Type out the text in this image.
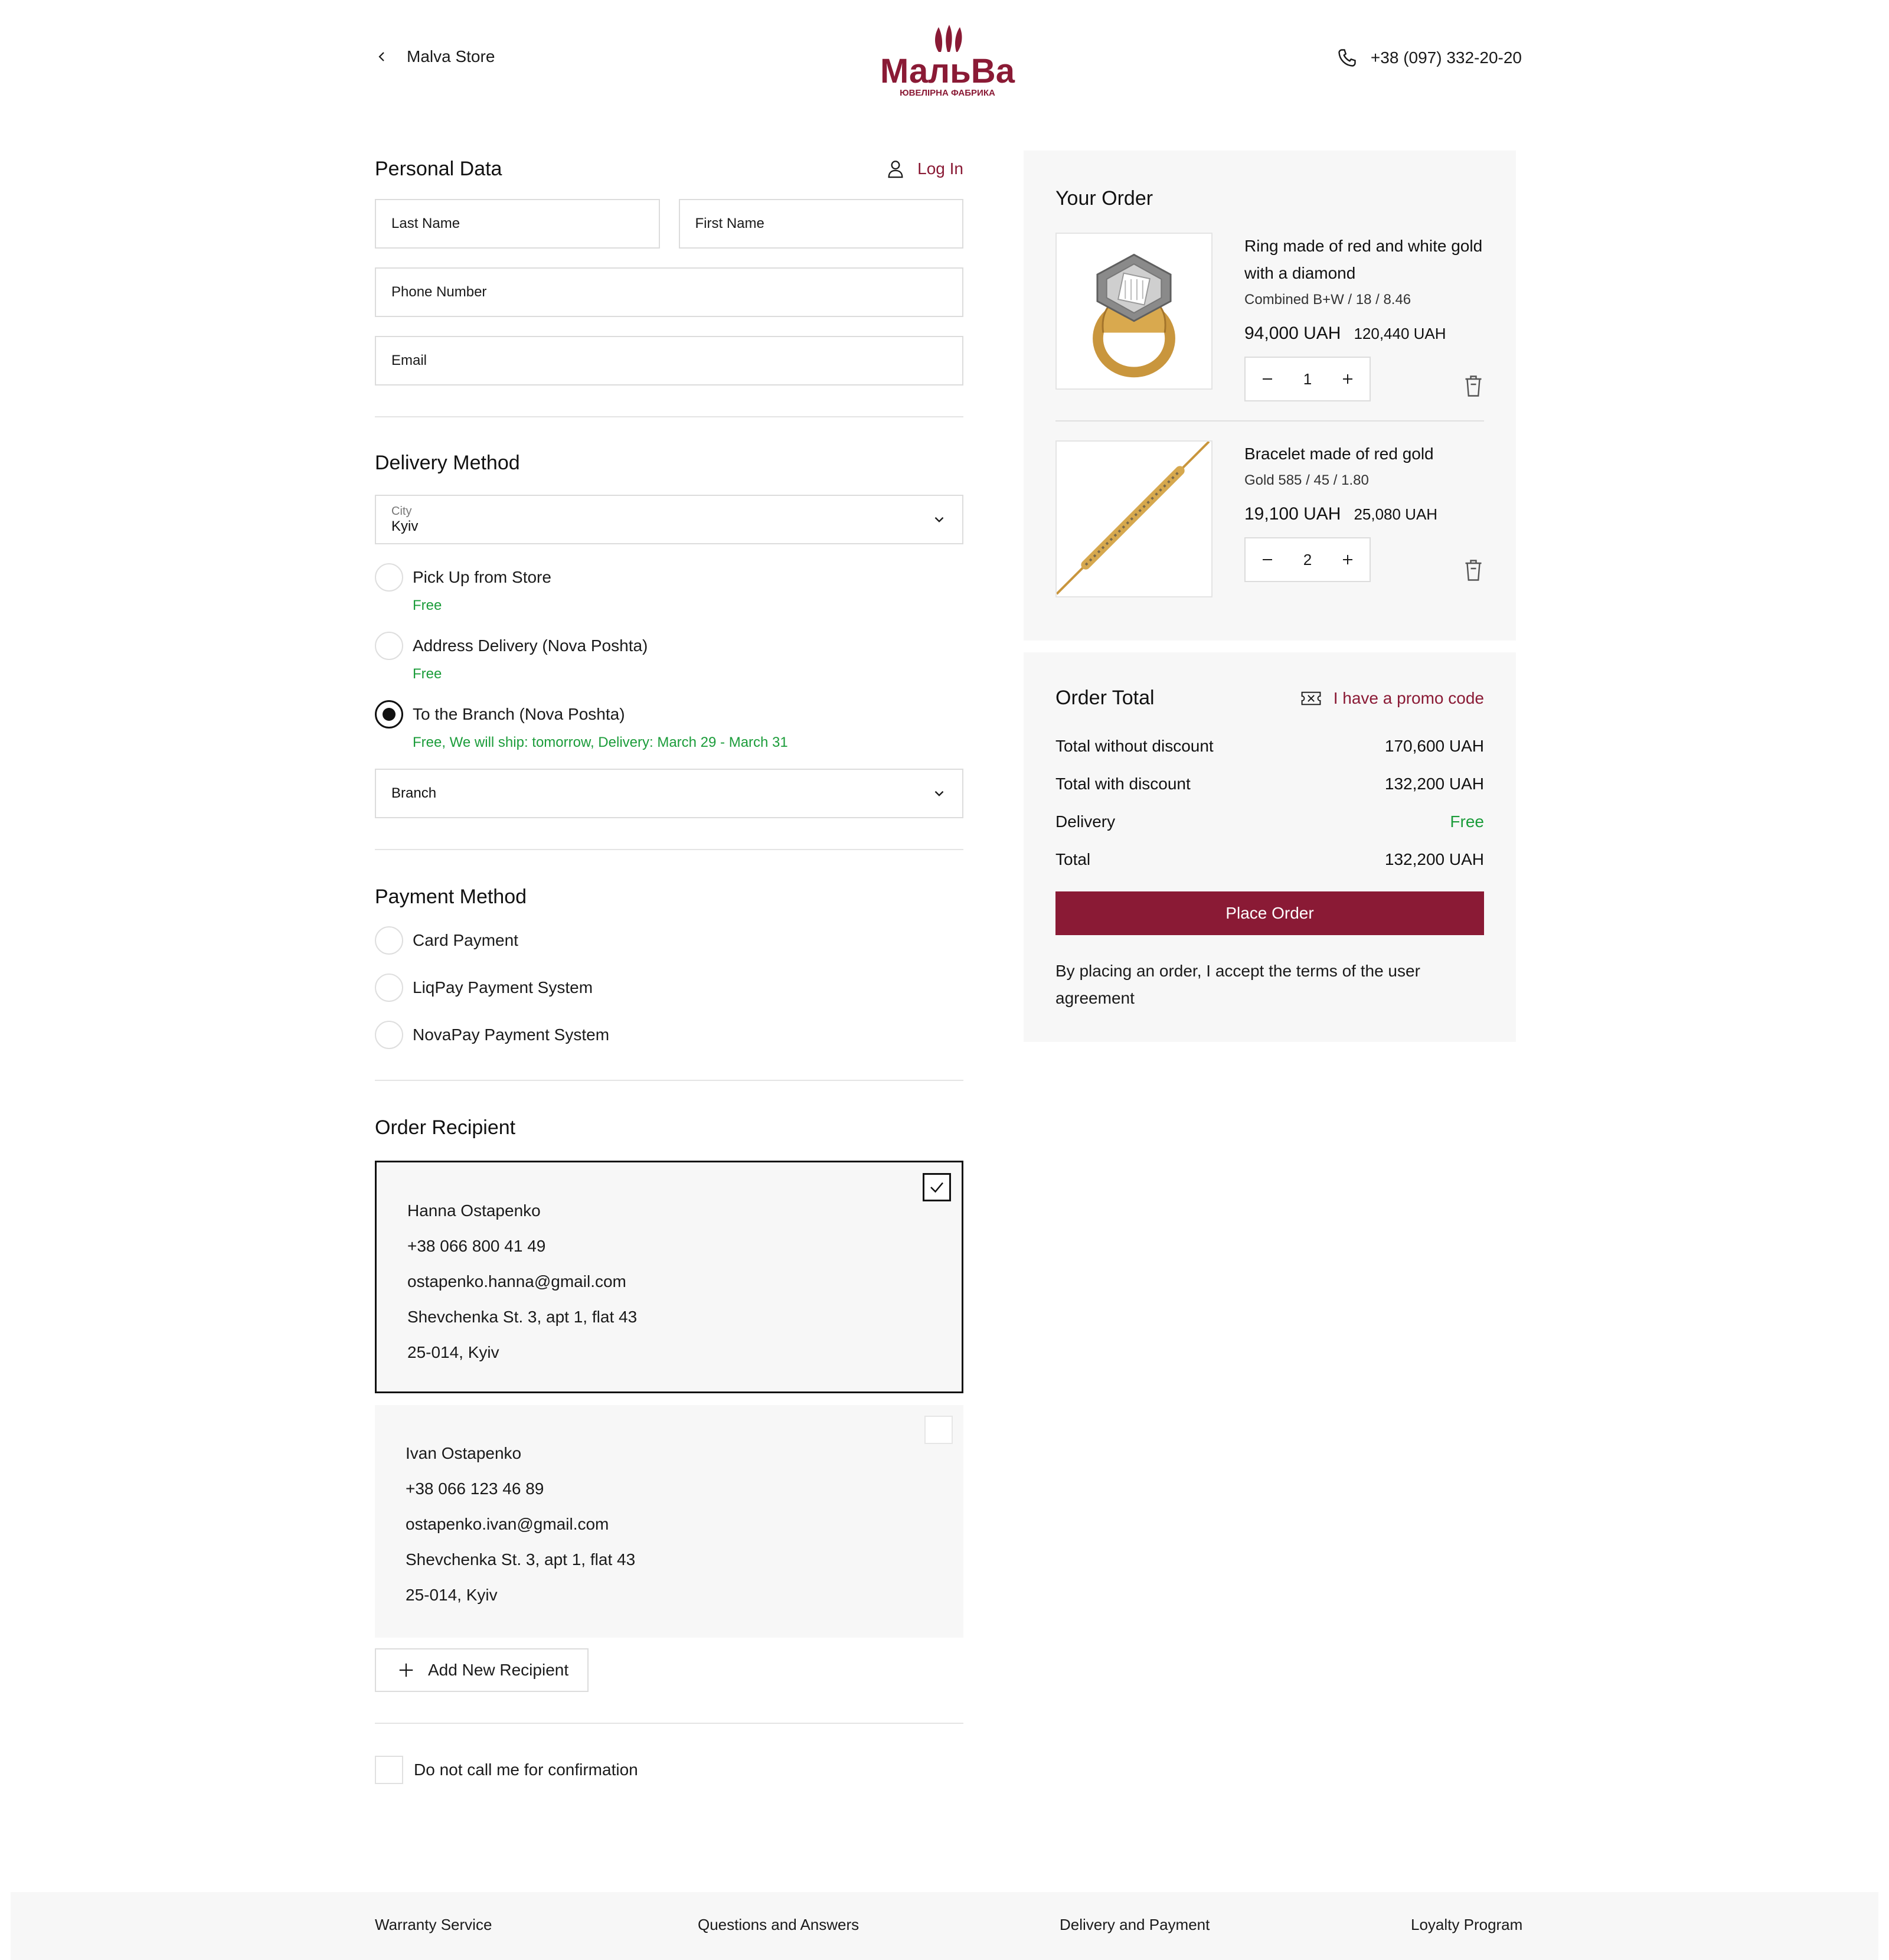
Malva Store	МальВа
ЮВЕЛІРНА ФАБРИКА
+38 (097) 332-20-20
Personal Data	Log In
Last Name	First Name
Phone Number
Email
Delivery Method
City
Kyiv
Pick Up from Store
Free
Address Delivery (Nova Poshta)
Free
To the Branch (Nova Poshta)
Free, We will ship: tomorrow, Delivery: March 29 - March 31
Branch
Payment Method
Card Payment
LiqPay Payment System
NovaPay Payment System
Order Recipient
Hanna Ostapenko
+38 066 800 41 49
ostapenko.hanna@gmail.com
Shevchenka St. 3, apt 1, flat 43
25-014, Kyiv
Ivan Ostapenko
+38 066 123 46 89
ostapenko.ivan@gmail.com
Shevchenka St. 3, apt 1, flat 43
25-014, Kyiv
Add New Recipient
Do not call me for confirmation
Your Order
Ring made of red and white gold
with a diamond
Combined B+W / 18 / 8.46
94,000 UAH 120,440 UAH
1
Bracelet made of red gold
Gold 585 / 45 / 1.80
19,100 UAH 25,080 UAH
2
Order Total	I have a promo code
Total without discount	170,600 UAH
Total with discount	132,200 UAH
Delivery	Free
Total	132,200 UAH
Place Order
By placing an order, I accept the terms of the user agreement
Warranty Service	Questions and Answers	Delivery and Payment	Loyalty Program
